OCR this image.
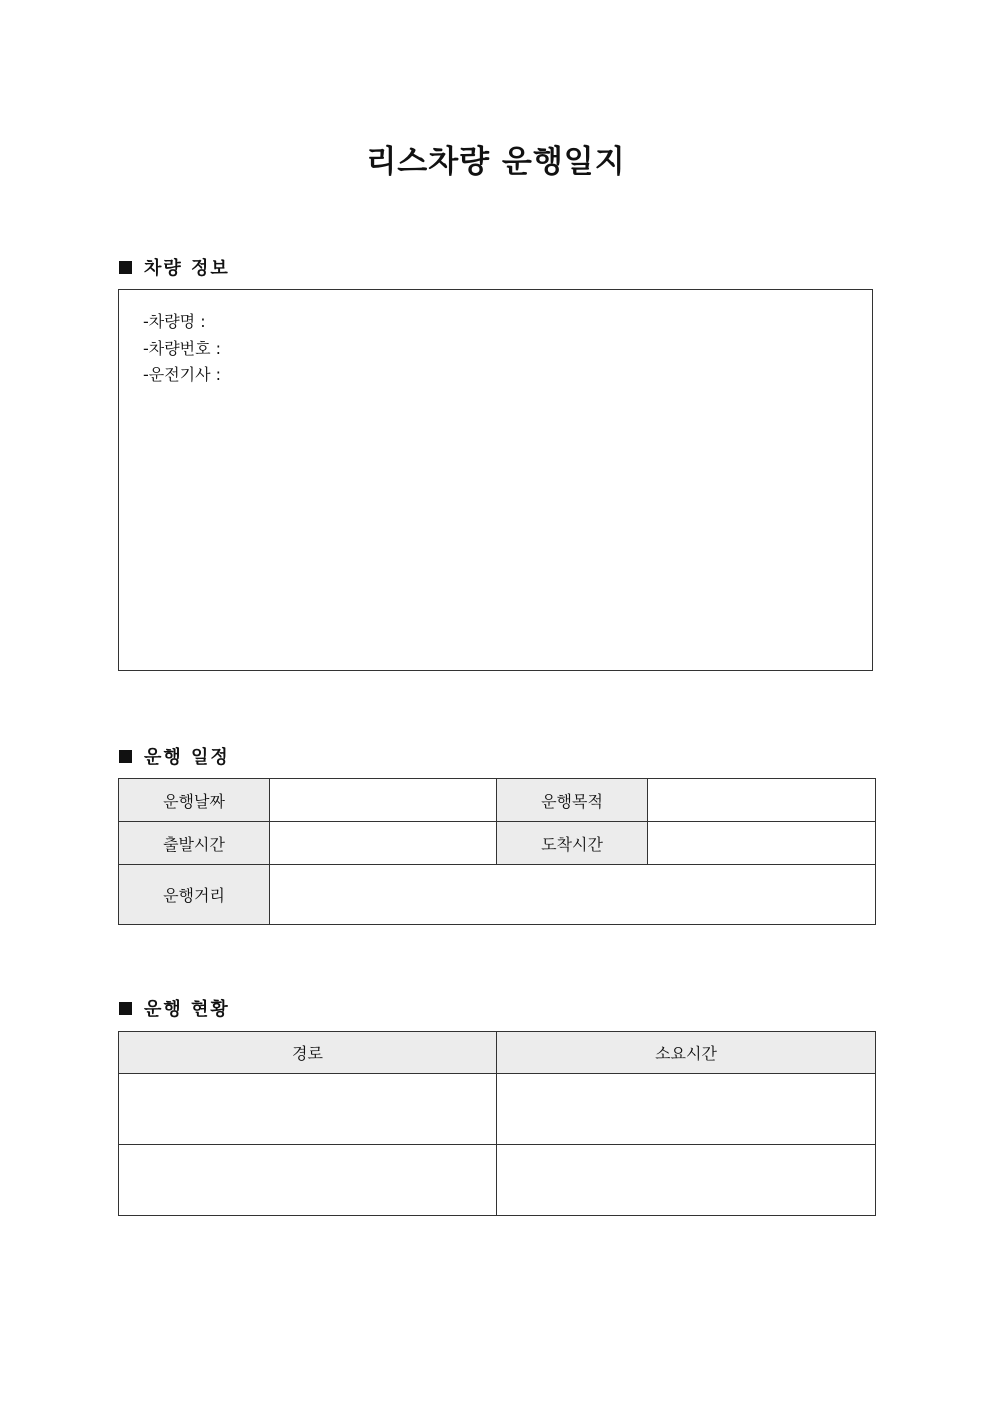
리스차량 운행일지
차량 정보
-차량명 :
-차량번호 :
-운전기사 :
운행 일정
운행날짜		운행목적	
출발시간		도착시간	
운행거리			
운행 현황
경로	소요시간
